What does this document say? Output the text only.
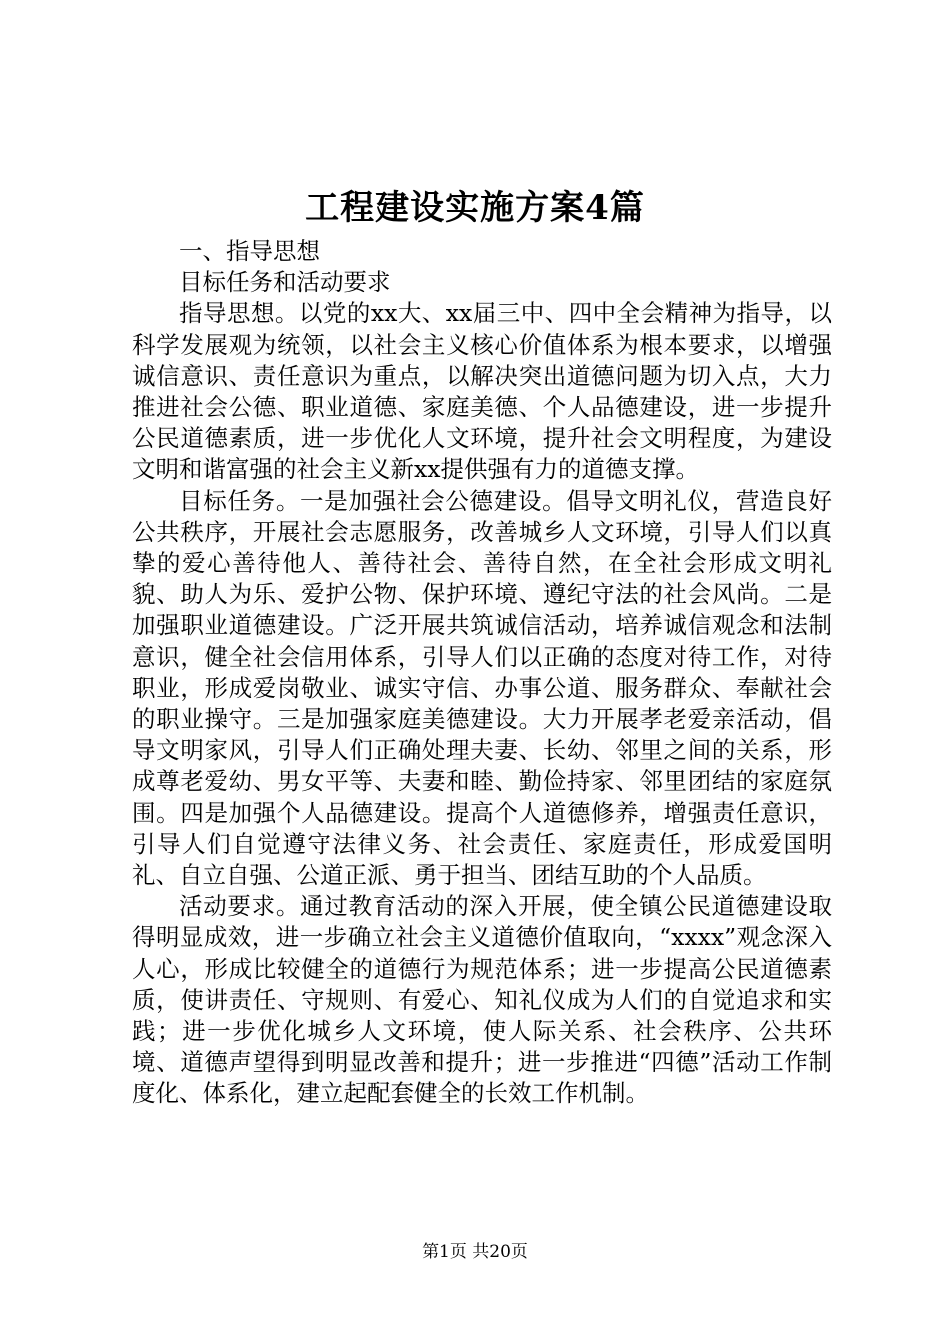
工程建设实施方案4篇

一、指导思想

目标任务和活动要求

指导思想。以党的xx大、xx届三中、四中全会精神为指导，以科学发展观为统领，以社会主义核心价值体系为根本要求，以增强诚信意识、责任意识为重点，以解决突出道德问题为切入点，大力推进社会公德、职业道德、家庭美德、个人品德建设，进一步提升公民道德素质，进一步优化人文环境，提升社会文明程度，为建设文明和谐富强的社会主义新xx提供强有力的道德支撑。

目标任务。一是加强社会公德建设。倡导文明礼仪，营造良好公共秩序，开展社会志愿服务，改善城乡人文环境，引导人们以真挚的爱心善待他人、善待社会、善待自然，在全社会形成文明礼貌、助人为乐、爱护公物、保护环境、遵纪守法的社会风尚。二是加强职业道德建设。广泛开展共筑诚信活动，培养诚信观念和法制意识，健全社会信用体系，引导人们以正确的态度对待工作，对待职业，形成爱岗敬业、诚实守信、办事公道、服务群众、奉献社会的职业操守。三是加强家庭美德建设。大力开展孝老爱亲活动，倡导文明家风，引导人们正确处理夫妻、长幼、邻里之间的关系，形成尊老爱幼、男女平等、夫妻和睦、勤俭持家、邻里团结的家庭氛围。四是加强个人品德建设。提高个人道德修养，增强责任意识，引导人们自觉遵守法律义务、社会责任、家庭责任，形成爱国明礼、自立自强、公道正派、勇于担当、团结互助的个人品质。

活动要求。通过教育活动的深入开展，使全镇公民道德建设取得明显成效，进一步确立社会主义道德价值取向，“xxxx”观念深入人心，形成比较健全的道德行为规范体系；进一步提高公民道德素质，使讲责任、守规则、有爱心、知礼仪成为人们的自觉追求和实践；进一步优化城乡人文环境，使人际关系、社会秩序、公共环境、道德声望得到明显改善和提升；进一步推进“四德”活动工作制度化、体系化，建立起配套健全的长效工作机制。

第1页 共20页
